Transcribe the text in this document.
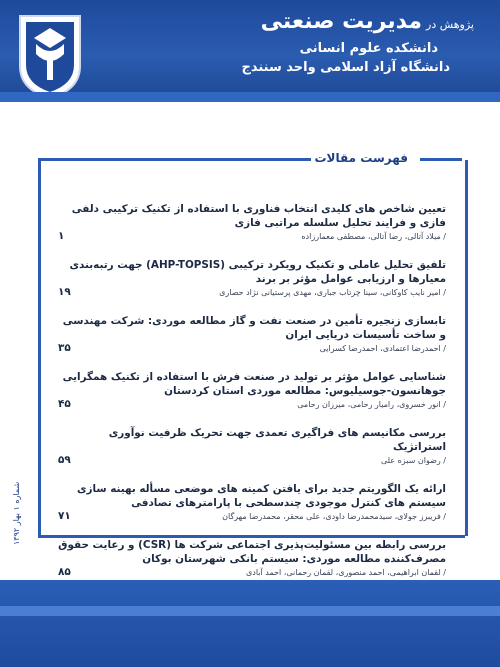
پژوهش درمدیریت صنعتی
دانشکده علوم انسانی
دانشگاه آزاد اسلامی واحد سنندج
فهرست مقالات
تعیین شاخص های کلیدی انتخاب فناوری با استفاده از تکنیک ترکیبی دلفی فازی و فرایند تحلیل سلسله مراتبی فازی
/ میلاد آتالی، رضا آتالی، مصطفی معمارزاده
۱
تلفیق تحلیل عاملی و تکنیک رویکرد ترکیبی (AHP-TOPSIS) جهت رتبه‌بندی معیارها و ارزیابی عوامل مؤثر بر برند
/ امیر نایب کاوکانی، سینا چرتاب جباری، مهدی پرستیانی نژاد حصاری
۱۹
تابسازی زنجیره تأمین در صنعت نفت و گاز مطالعه موردی: شرکت مهندسی و ساخت تأسیسات دریایی ایران
/ احمدرضا اعتمادی، احمدرضا کسرایی
۳۵
شناسایی عوامل مؤثر بر تولید در صنعت فرش با استفاده از تکنیک همگرایی جوهانسون-جوسیلیوس: مطالعه موردی استان کردستان
/ انور خسروی، رامیار رحامی، میرزان رحامی
۴۵
بررسی مکانیسم های فراگیری تعمدی جهت تحریک ظرفیت نوآوری استراتژیک
/ رضوان سبزه علی
۵۹
ارائه یک الگوریتم جدید برای یافتن کمینه های موضعی مسأله بهینه سازی سیستم های کنترل موجودی چندسطحی با پارامترهای تصادفی
/ فریبرز جولای، سیدمحمدرضا داودی، علی محقر، محمدرضا مهرگان
۷۱
بررسی رابطه بین مسئولیت‌پذیری اجتماعی شرکت ها (CSR) و رعایت حقوق مصرف‌کننده مطالعه موردی: سیستم بانکی شهرستان بوکان
/ لقمان ابراهیمی، احمد منصوری، لقمان رحمانی، احمد آبادی
۸۵
شماره ۱ بهار ۱۳۹۲
